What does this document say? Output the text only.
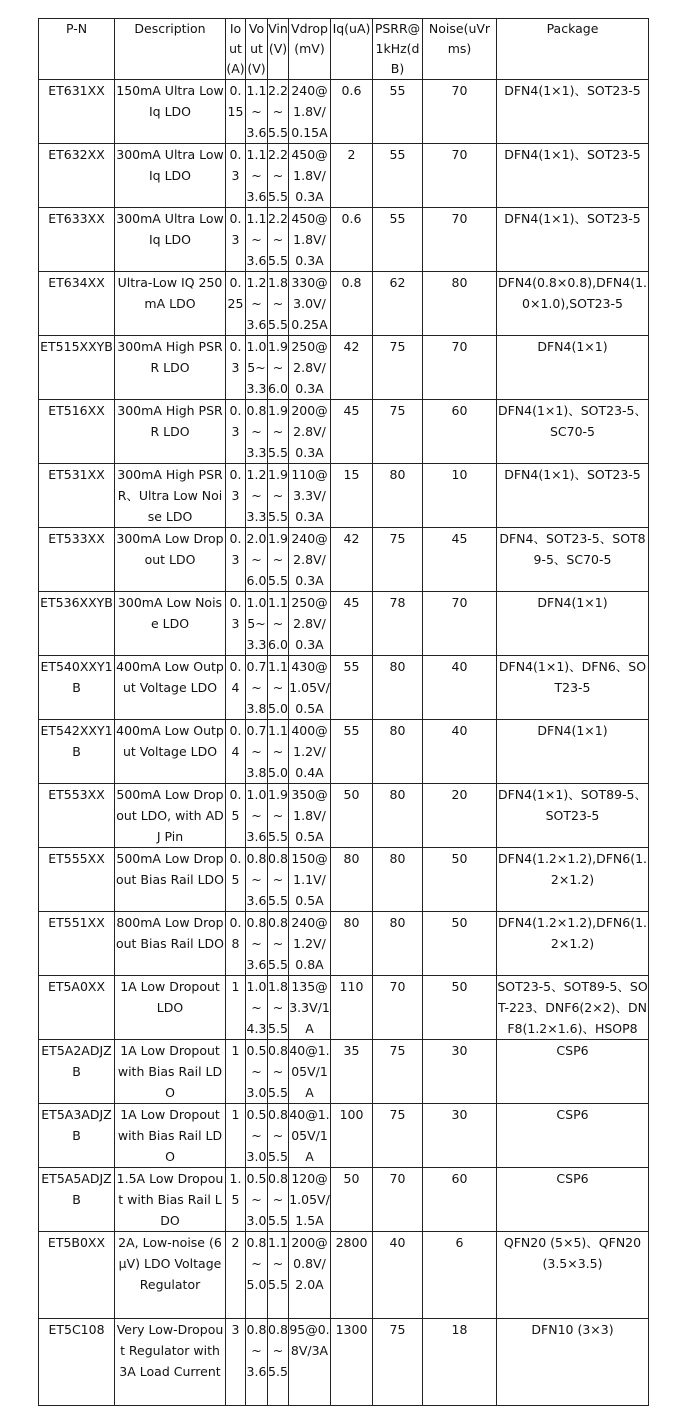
P-N	Description	Iout(A)	Vout(V)	Vin(V)	Vdrop(mV)	Iq(uA)	PSRR@1kHz(dB)	Noise(uVrms)	Package
ET631XX	150mA Ultra Low Iq LDO	0.15	1.1~3.6	2.2~5.5	240@1.8V/0.15A	0.6	55	70	DFN4(1×1)、SOT23-5
ET632XX	300mA Ultra Low Iq LDO	0.3	1.1~3.6	2.2~5.5	450@1.8V/0.3A	2	55	70	DFN4(1×1)、SOT23-5
ET633XX	300mA Ultra Low Iq LDO	0.3	1.1~3.6	2.2~5.5	450@1.8V/0.3A	0.6	55	70	DFN4(1×1)、SOT23-5
ET634XX	Ultra-Low IQ 250mA LDO	0.25	1.2~3.6	1.8~5.5	330@3.0V/0.25A	0.8	62	80	DFN4(0.8×0.8),DFN4(1.0×1.0),SOT23-5
ET515XXYB	300mA High PSRR LDO	0.3	1.05~3.3	1.9~6.0	250@2.8V/0.3A	42	75	70	DFN4(1×1)
ET516XX	300mA High PSRR LDO	0.3	0.8~3.3	1.9~5.5	200@2.8V/0.3A	45	75	60	DFN4(1×1)、SOT23-5、SC70-5
ET531XX	300mA High PSRR、Ultra Low Noise LDO	0.3	1.2~3.3	1.9~5.5	110@3.3V/0.3A	15	80	10	DFN4(1×1)、SOT23-5
ET533XX	300mA Low Dropout LDO	0.3	2.0~6.0	1.9~5.5	240@2.8V/0.3A	42	75	45	DFN4、SOT23-5、SOT89-5、SC70-5
ET536XXYB	300mA Low Noise LDO	0.3	1.05~3.3	1.1~6.0	250@2.8V/0.3A	45	78	70	DFN4(1×1)
ET540XXY1B	400mA Low Output Voltage LDO	0.4	0.7~3.8	1.1~5.0	430@1.05V/0.5A	55	80	40	DFN4(1×1)、DFN6、SOT23-5
ET542XXY1B	400mA Low Output Voltage LDO	0.4	0.7~3.8	1.1~5.0	400@1.2V/0.4A	55	80	40	DFN4(1×1)
ET553XX	500mA Low Dropout LDO, with ADJ Pin	0.5	1.0~3.6	1.9~5.5	350@1.8V/0.5A	50	80	20	DFN4(1×1)、SOT89-5、SOT23-5
ET555XX	500mA Low Dropout Bias Rail LDO	0.5	0.8~3.6	0.8~5.5	150@1.1V/0.5A	80	80	50	DFN4(1.2×1.2),DFN6(1.2×1.2)
ET551XX	800mA Low Dropout Bias Rail LDO	0.8	0.8~3.6	0.8~5.5	240@1.2V/0.8A	80	80	50	DFN4(1.2×1.2),DFN6(1.2×1.2)
ET5A0XX	1A Low Dropout LDO	1	1.0~4.3	1.8~5.5	135@3.3V/1A	110	70	50	SOT23-5、SOT89-5、SOT-223、DNF6(2×2)、DNF8(1.2×1.6)、HSOP8
ET5A2ADJZB	1A Low Dropout with Bias Rail LDO	1	0.5~3.0	0.8~5.5	40@1.05V/1A	35	75	30	CSP6
ET5A3ADJZB	1A Low Dropout with Bias Rail LDO	1	0.5~3.0	0.8~5.5	40@1.05V/1A	100	75	30	CSP6
ET5A5ADJZB	1.5A Low Dropout with Bias Rail LDO	1.5	0.5~3.0	0.8~5.5	120@1.05V/1.5A	50	70	60	CSP6
ET5B0XX	2A, Low-noise (6µV) LDO Voltage Regulator	2	0.8~5.0	1.1~5.5	200@0.8V/2.0A	2800	40	6	QFN20 (5×5)、QFN20 (3.5×3.5)
ET5C108	Very Low-Dropout Regulator with 3A Load Current	3	0.8~3.6	0.8~5.5	95@0.8V/3A	1300	75	18	DFN10 (3×3)
